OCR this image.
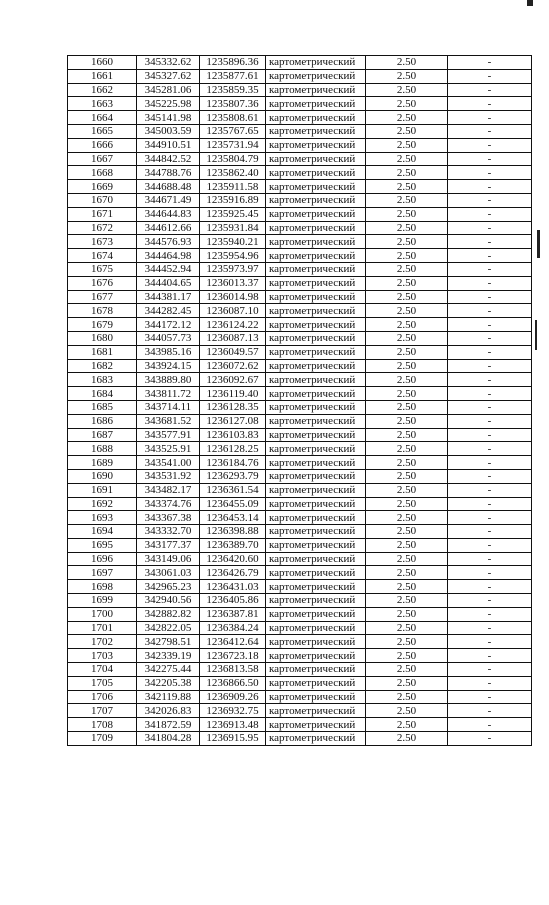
1660	345332.62	1235896.36	картометрический	2.50	-
1661	345327.62	1235877.61	картометрический	2.50	-
1662	345281.06	1235859.35	картометрический	2.50	-
1663	345225.98	1235807.36	картометрический	2.50	-
1664	345141.98	1235808.61	картометрический	2.50	-
1665	345003.59	1235767.65	картометрический	2.50	-
1666	344910.51	1235731.94	картометрический	2.50	-
1667	344842.52	1235804.79	картометрический	2.50	-
1668	344788.76	1235862.40	картометрический	2.50	-
1669	344688.48	1235911.58	картометрический	2.50	-
1670	344671.49	1235916.89	картометрический	2.50	-
1671	344644.83	1235925.45	картометрический	2.50	-
1672	344612.66	1235931.84	картометрический	2.50	-
1673	344576.93	1235940.21	картометрический	2.50	-
1674	344464.98	1235954.96	картометрический	2.50	-
1675	344452.94	1235973.97	картометрический	2.50	-
1676	344404.65	1236013.37	картометрический	2.50	-
1677	344381.17	1236014.98	картометрический	2.50	-
1678	344282.45	1236087.10	картометрический	2.50	-
1679	344172.12	1236124.22	картометрический	2.50	-
1680	344057.73	1236087.13	картометрический	2.50	-
1681	343985.16	1236049.57	картометрический	2.50	-
1682	343924.15	1236072.62	картометрический	2.50	-
1683	343889.80	1236092.67	картометрический	2.50	-
1684	343811.72	1236119.40	картометрический	2.50	-
1685	343714.11	1236128.35	картометрический	2.50	-
1686	343681.52	1236127.08	картометрический	2.50	-
1687	343577.91	1236103.83	картометрический	2.50	-
1688	343525.91	1236128.25	картометрический	2.50	-
1689	343541.00	1236184.76	картометрический	2.50	-
1690	343531.92	1236293.79	картометрический	2.50	-
1691	343482.17	1236361.54	картометрический	2.50	-
1692	343374.76	1236455.09	картометрический	2.50	-
1693	343367.38	1236453.14	картометрический	2.50	-
1694	343332.70	1236398.88	картометрический	2.50	-
1695	343177.37	1236389.70	картометрический	2.50	-
1696	343149.06	1236420.60	картометрический	2.50	-
1697	343061.03	1236426.79	картометрический	2.50	-
1698	342965.23	1236431.03	картометрический	2.50	-
1699	342940.56	1236405.86	картометрический	2.50	-
1700	342882.82	1236387.81	картометрический	2.50	-
1701	342822.05	1236384.24	картометрический	2.50	-
1702	342798.51	1236412.64	картометрический	2.50	-
1703	342339.19	1236723.18	картометрический	2.50	-
1704	342275.44	1236813.58	картометрический	2.50	-
1705	342205.38	1236866.50	картометрический	2.50	-
1706	342119.88	1236909.26	картометрический	2.50	-
1707	342026.83	1236932.75	картометрический	2.50	-
1708	341872.59	1236913.48	картометрический	2.50	-
1709	341804.28	1236915.95	картометрический	2.50	-
